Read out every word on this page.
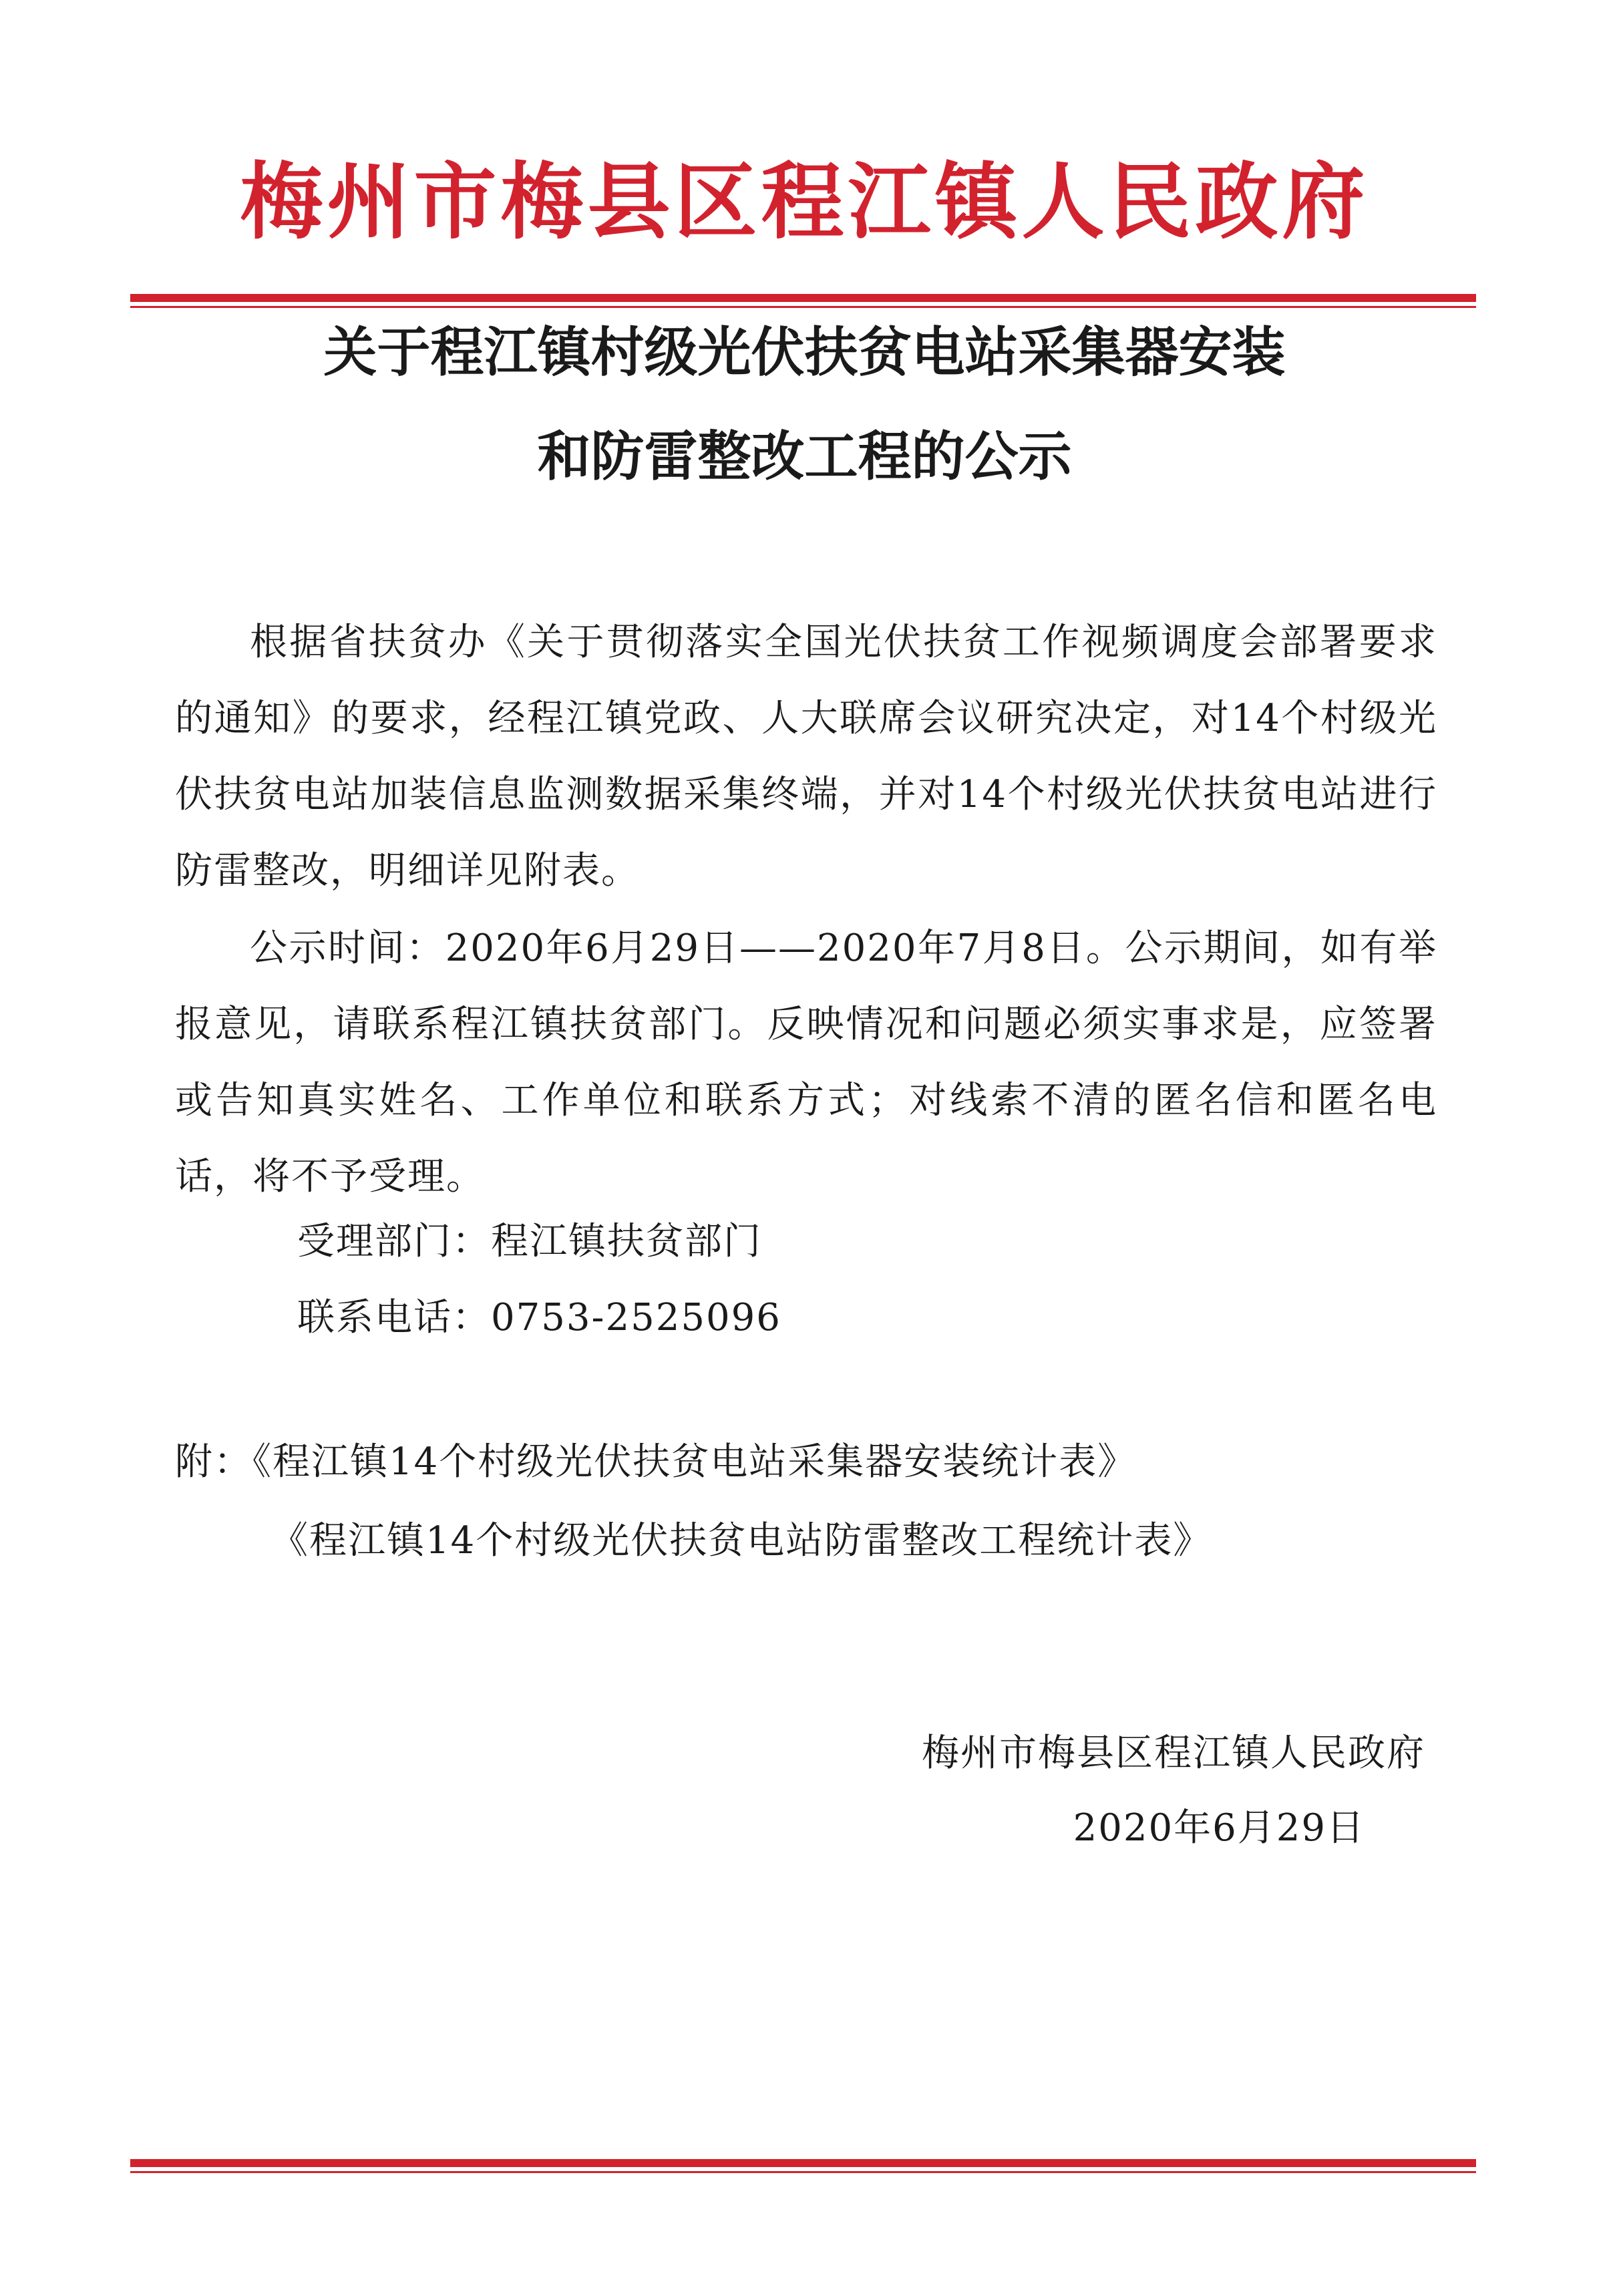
梅州市梅县区程江镇人民政府
关于程江镇村级光伏扶贫电站采集器安装
和防雷整改工程的公示

根据省扶贫办《关于贯彻落实全国光伏扶贫工作视频调度会部署要求的通知》的要求，经程江镇党政、人大联席会议研究决定，对14个村级光伏扶贫电站加装信息监测数据采集终端，并对14个村级光伏扶贫电站进行防雷整改，明细详见附表。

公示时间：2020年6月29日——2020年7月8日。公示期间，如有举报意见，请联系程江镇扶贫部门。反映情况和问题必须实事求是，应签署或告知真实姓名、工作单位和联系方式；对线索不清的匿名信和匿名电话，将不予受理。

受理部门：程江镇扶贫部门
联系电话：0753-2525096
附：《程江镇14个村级光伏扶贫电站采集器安装统计表》
《程江镇14个村级光伏扶贫电站防雷整改工程统计表》
梅州市梅县区程江镇人民政府
2020年6月29日
